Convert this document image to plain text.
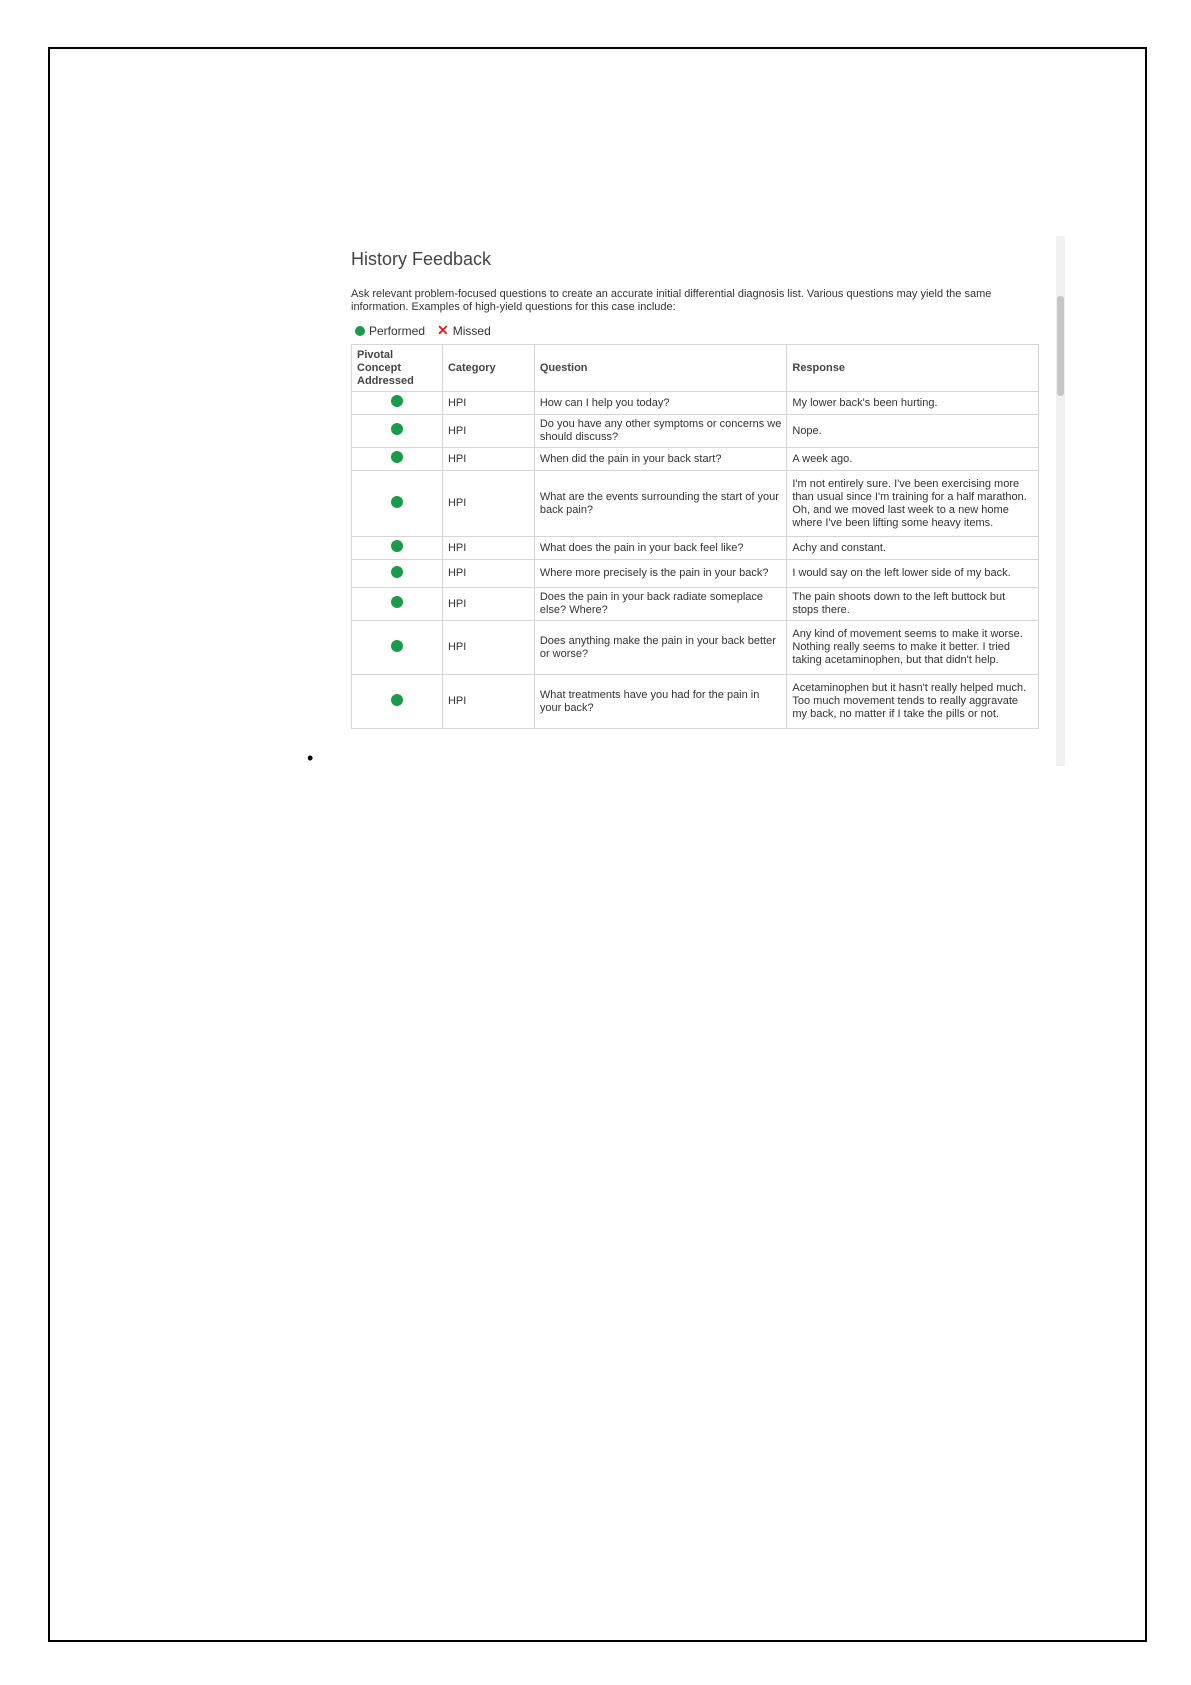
•
History Feedback

Ask relevant problem-focused questions to create an accurate initial differential diagnosis list. Various questions may yield the same information. Examples of high-yield questions for this case include:

Performed ✕ Missed
Pivotal Concept Addressed	Category	Question	Response
	HPI	How can I help you today?	My lower back's been hurting.
	HPI	Do you have any other symptoms or concerns we should discuss?	Nope.
	HPI	When did the pain in your back start?	A week ago.
	HPI	What are the events surrounding the start of your back pain?	I'm not entirely sure. I've been exercising more than usual since I'm training for a half marathon. Oh, and we moved last week to a new home where I've been lifting some heavy items.
	HPI	What does the pain in your back feel like?	Achy and constant.
	HPI	Where more precisely is the pain in your back?	I would say on the left lower side of my back.
	HPI	Does the pain in your back radiate someplace else? Where?	The pain shoots down to the left buttock but stops there.
	HPI	Does anything make the pain in your back better or worse?	Any kind of movement seems to make it worse. Nothing really seems to make it better. I tried taking acetaminophen, but that didn't help.
	HPI	What treatments have you had for the pain in your back?	Acetaminophen but it hasn't really helped much. Too much movement tends to really aggravate my back, no matter if I take the pills or not.
